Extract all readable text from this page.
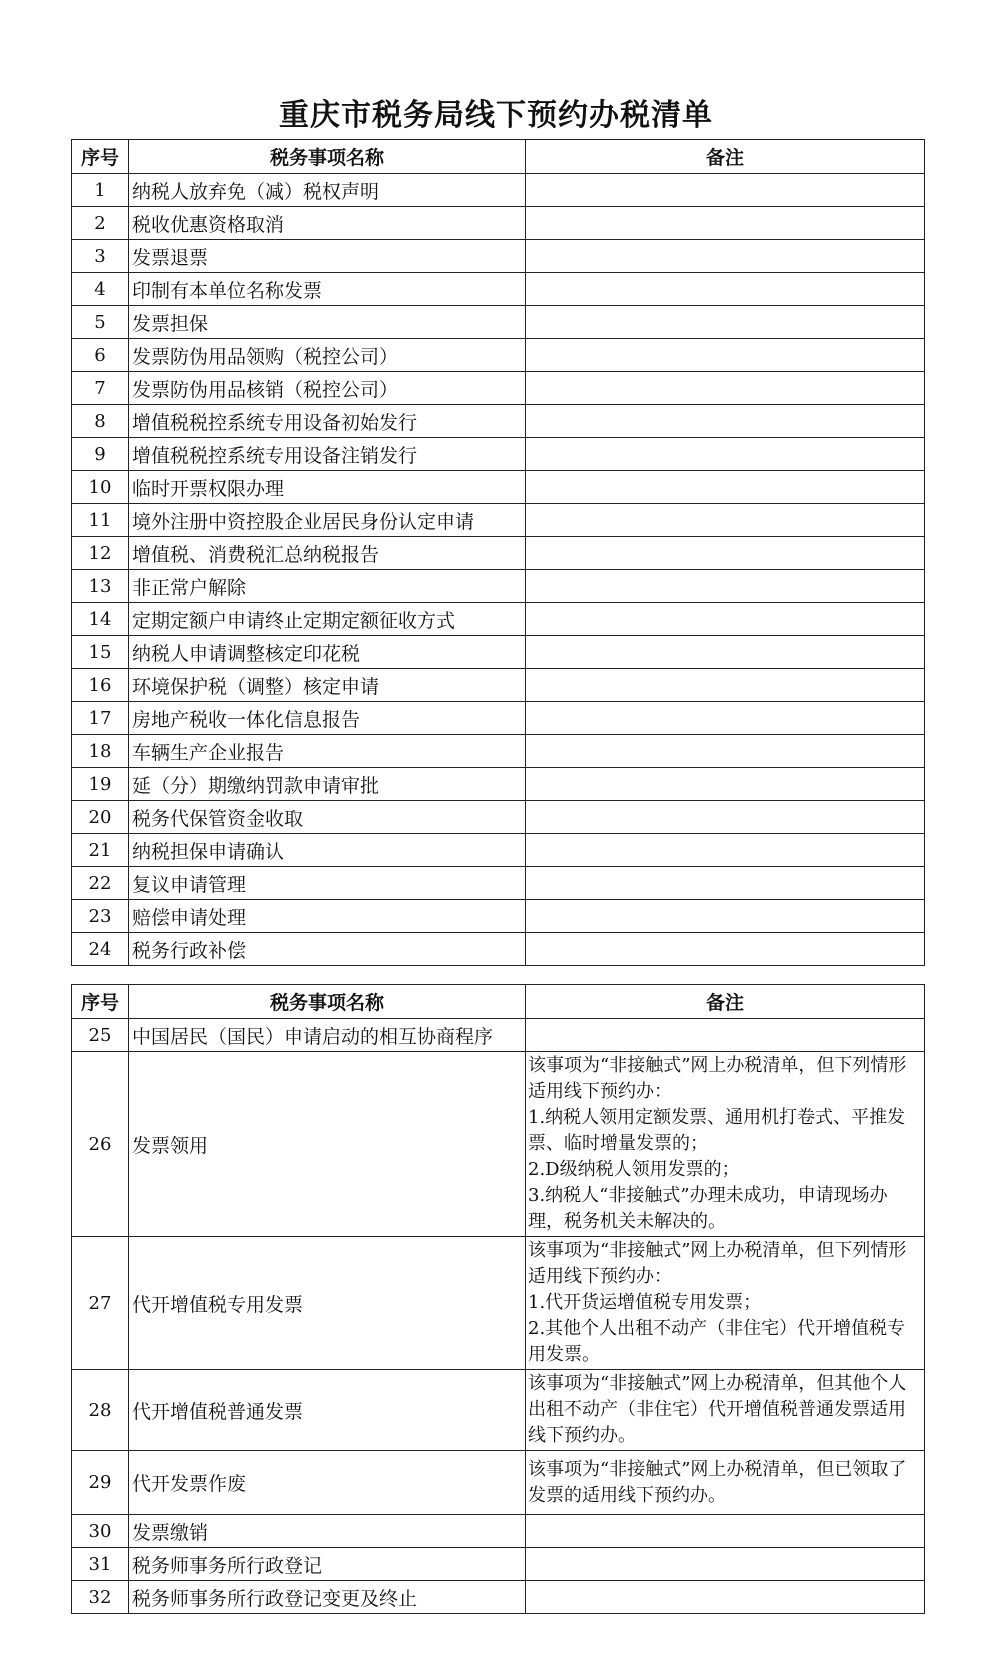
重庆市税务局线下预约办税清单
序号	税务事项名称	备注
1	纳税人放弃免（减）税权声明	
2	税收优惠资格取消	
3	发票退票	
4	印制有本单位名称发票	
5	发票担保	
6	发票防伪用品领购（税控公司）	
7	发票防伪用品核销（税控公司）	
8	增值税税控系统专用设备初始发行	
9	增值税税控系统专用设备注销发行	
10	临时开票权限办理	
11	境外注册中资控股企业居民身份认定申请	
12	增值税、消费税汇总纳税报告	
13	非正常户解除	
14	定期定额户申请终止定期定额征收方式	
15	纳税人申请调整核定印花税	
16	环境保护税（调整）核定申请	
17	房地产税收一体化信息报告	
18	车辆生产企业报告	
19	延（分）期缴纳罚款申请审批	
20	税务代保管资金收取	
21	纳税担保申请确认	
22	复议申请管理	
23	赔偿申请处理	
24	税务行政补偿	
序号	税务事项名称	备注
25	中国居民（国民）申请启动的相互协商程序	
26	发票领用	该事项为“非接触式”网上办税清单，但下列情形适用线下预约办：
1.纳税人领用定额发票、通用机打卷式、平推发票、临时增量发票的；
2.D级纳税人领用发票的；
3.纳税人“非接触式”办理未成功，申请现场办理，税务机关未解决的。
27	代开增值税专用发票	该事项为“非接触式”网上办税清单，但下列情形适用线下预约办：
1.代开货运增值税专用发票；
2.其他个人出租不动产（非住宅）代开增值税专用发票。
28	代开增值税普通发票	该事项为“非接触式”网上办税清单，但其他个人出租不动产（非住宅）代开增值税普通发票适用线下预约办。
29	代开发票作废	该事项为“非接触式”网上办税清单，但已领取了发票的适用线下预约办。
30	发票缴销	
31	税务师事务所行政登记	
32	税务师事务所行政登记变更及终止	
